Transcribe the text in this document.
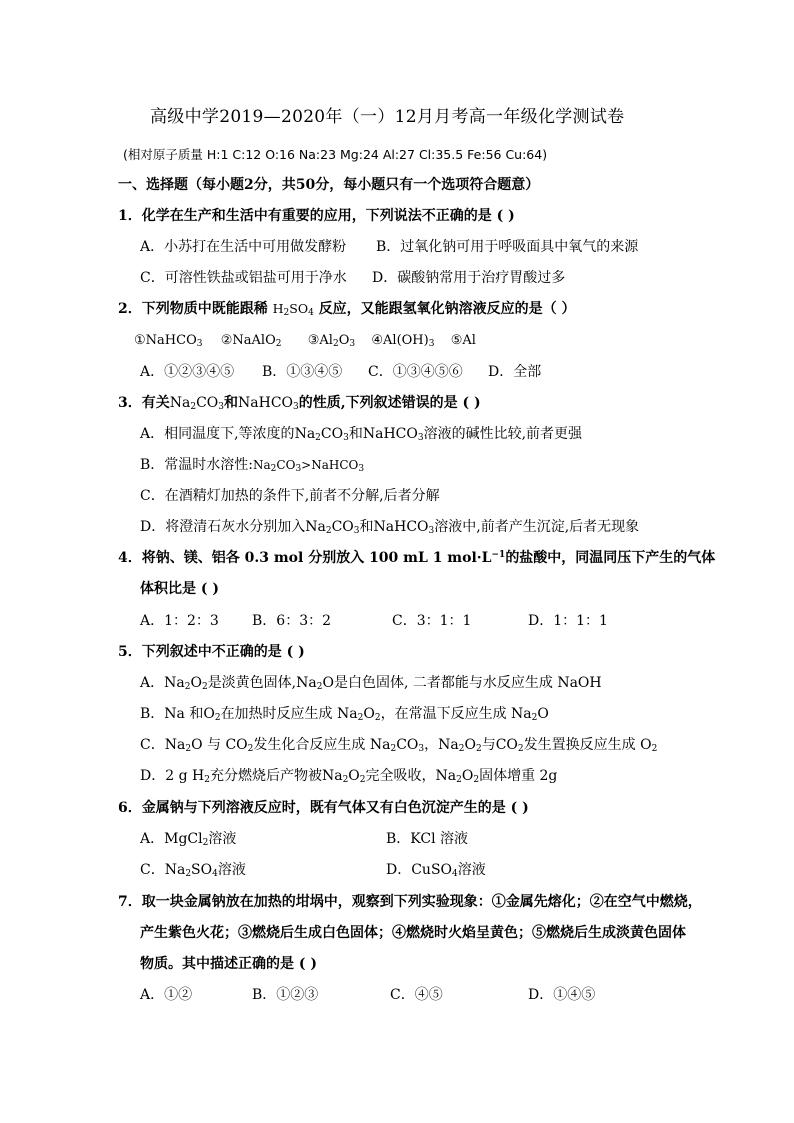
高级中学2019—2020年（一）12月月考高一年级化学测试卷
(相对原子质量 H:1 C:12 O:16 Na:23 Mg:24 Al:27 Cl:35.5 Fe:56 Cu:64)
一、选择题（每小题2分，共50分，每小题只有一个选项符合题意）
1．化学在生产和生活中有重要的应用，下列说法不正确的是 ( )
A．小苏打在生活中可用做发酵粉 B．过氧化钠可用于呼吸面具中氧气的来源
C．可溶性铁盐或铝盐可用于净水 D．碳酸钠常用于治疗胃酸过多
2．下列物质中既能跟稀 $H_2SO_4$ 反应，又能跟氢氧化钠溶液反应的是（ ）
①NaHCO$_3$ ②NaAlO$_2$ $③Al_2O_3$ $④Al(OH)_3$ ⑤Al
A．①②③④⑤ B．①③④⑤ C．①③④⑤⑥ D．全部
3．有关$Na_2CO_3$和NaHCO$_3$的性质,下列叙述错误的是 ( )
A．相同温度下,等浓度的$Na_2CO_3$和NaHCO$_3$溶液的碱性比较,前者更强
B．常温时水溶性$:Na_2CO_3>NaHCO_3$
C．在酒精灯加热的条件下,前者不分解,后者分解
D．将澄清石灰水分别加入$Na_2CO_3$和NaHCO$_3$溶液中,前者产生沉淀,后者无现象
4．将钠、镁、铝各 0.3 mol 分别放入 100 mL 1 $mol\cdot L^{-1}$的盐酸中，同温同压下产生的气体
体积比是 ( )
A．1：2：3 B．6：3：2	C．3：1：1	D．1：1：1
5．下列叙述中不正确的是 ( )
A．$Na_2O_2$是淡黄色固体$,Na_2O$是白色固体, 二者都能与水反应生成 NaOH
B．Na 和$O_2$在加热时反应生成 $Na_2O_2$，在常温下反应生成 $Na_2O$
C．$Na_2O$ 与 $CO_2$发生化合反应生成 $Na_2CO_3$，$Na_2O_2$与$CO_2$发生置换反应生成 $O_2$
D．2 g $H_2$充分燃烧后产物被$Na_2O_2$完全吸收，$Na_2O_2$固体增重 2g
6．金属钠与下列溶液反应时，既有气体又有白色沉淀产生的是 ( )
A．MgCl$_2$溶液	B．KCl 溶液
C．$Na_2SO_4$溶液	D．CuSO$_4$溶液
7．取一块金属钠放在加热的坩埚中，观察到下列实验现象：①金属先熔化；②在空气中燃烧，
产生紫色火花；③燃烧后生成白色固体；④燃烧时火焰呈黄色；⑤燃烧后生成淡黄色固体
物质。其中描述正确的是 ( )
A．①②	B．①②③	C．④⑤	D．①④⑤
